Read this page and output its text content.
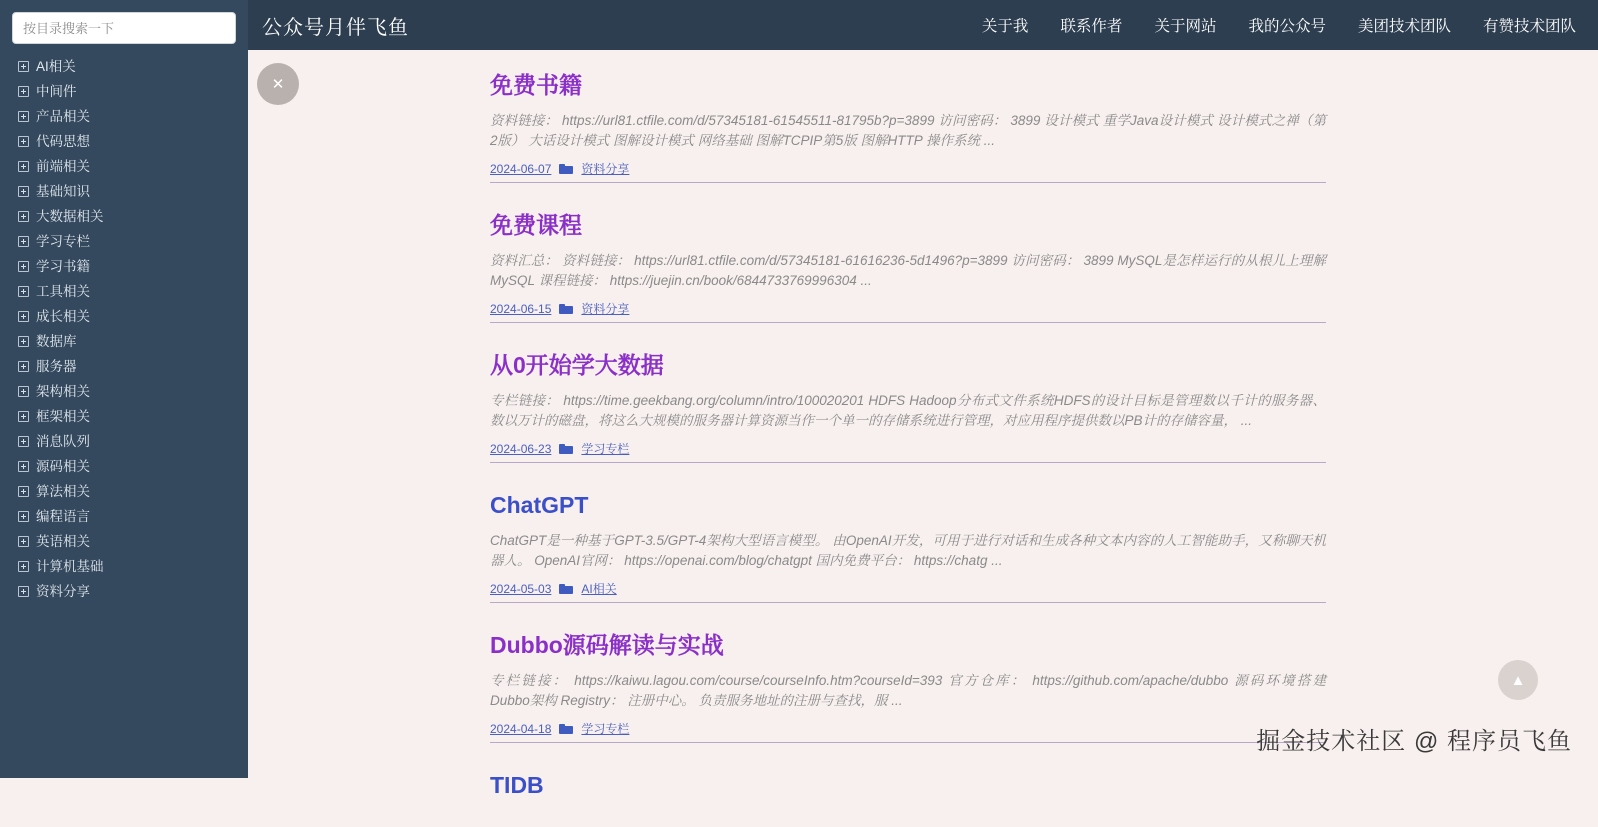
按目录搜索一下
AI相关
中间件
产品相关
代码思想
前端相关
基础知识
大数据相关
学习专栏
学习书籍
工具相关
成长相关
数据库
服务器
架构相关
框架相关
消息队列
源码相关
算法相关
编程语言
英语相关
计算机基础
资料分享
公众号月伴飞鱼	关于我 联系作者 关于网站 我的公众号 美团技术团队 有赞技术团队
✕	免费书籍
资料链接： https://url81.ctfile.com/d/57345181-61545511-81795b?p=3899 访问密码： 3899 设计模式 重学Java设计模式 设计模式之禅（第2版） 大话设计模式 图解设计模式 网络基础 图解TCPIP第5版 图解HTTP 操作系统 ...
2024-06-07	资料分享
免费课程
资料汇总： 资料链接： https://url81.ctfile.com/d/57345181-61616236-5d1496?p=3899 访问密码： 3899 MySQL是怎样运行的从根儿上理解MySQL 课程链接： https://juejin.cn/book/6844733769996304 ...
2024-06-15	资料分享
从0开始学大数据
专栏链接： https://time.geekbang.org/column/intro/100020201 HDFS Hadoop分布式文件系统HDFS的设计目标是管理数以千计的服务器、数以万计的磁盘，将这么大规模的服务器计算资源当作一个单一的存储系统进行管理，对应用程序提供数以PB计的存储容量， ...
2024-06-23	学习专栏
ChatGPT
ChatGPT是一种基于GPT-3.5/GPT-4架构大型语言模型。 由OpenAI开发，可用于进行对话和生成各种文本内容的人工智能助手，又称聊天机器人。 OpenAI官网： https://openai.com/blog/chatgpt 国内免费平台： https://chatg ...
2024-05-03	AI相关
Dubbo源码解读与实战
专栏链接： https://kaiwu.lagou.com/course/courseInfo.htm?courseId=393 官方仓库： https://github.com/apache/dubbo 源码环境搭建 Dubbo架构 Registry： 注册中心。 负责服务地址的注册与查找，服 ...
2024-04-18	学习专栏
TIDB
▲
掘金技术社区 @ 程序员飞鱼
